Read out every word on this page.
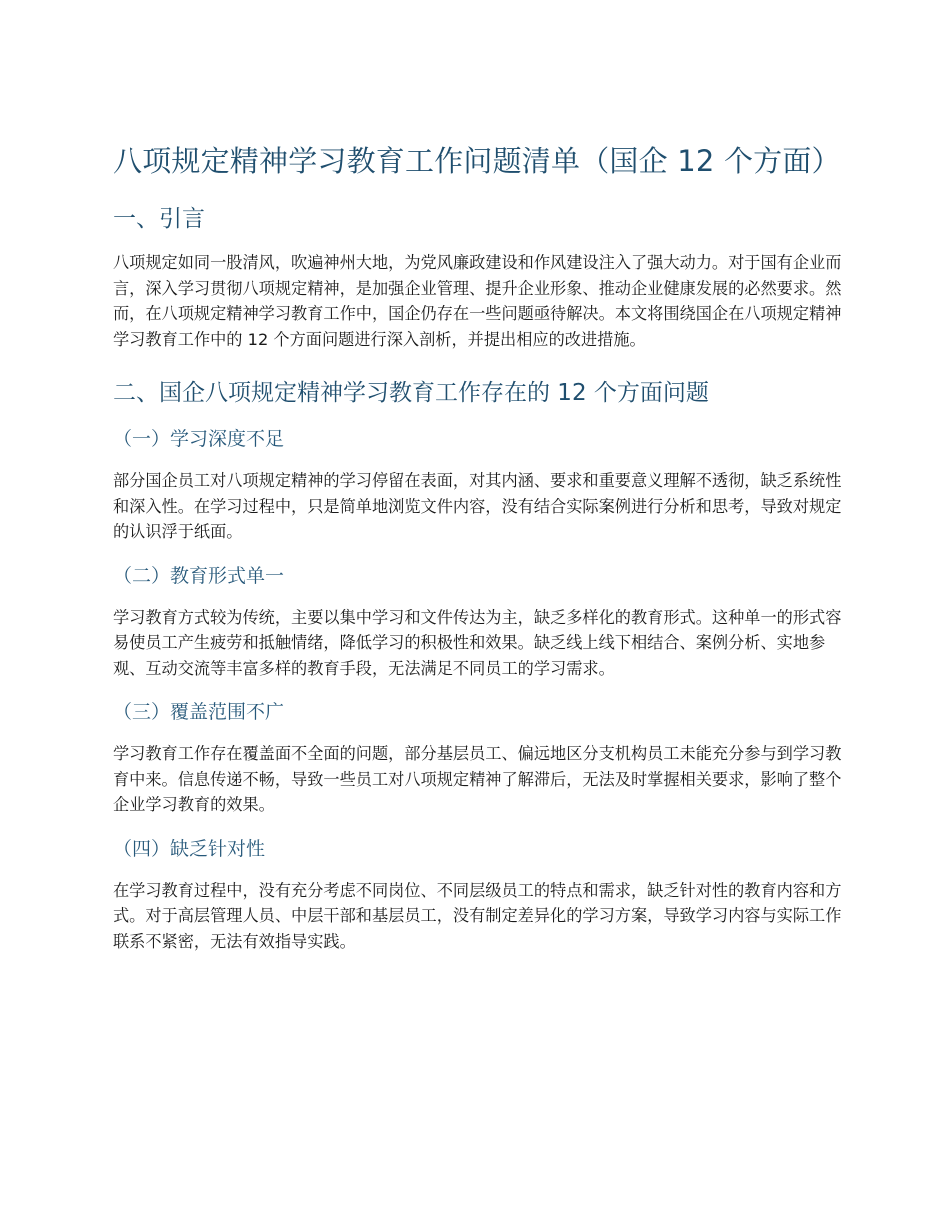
八项规定精神学习教育工作问题清单（国企 12 个方面）
一、引言

八项规定如同一股清风，吹遍神州大地，为党风廉政建设和作风建设注入了强大动力。对于国有企业而言，深入学习贯彻八项规定精神，是加强企业管理、提升企业形象、推动企业健康发展的必然要求。然而，在八项规定精神学习教育工作中，国企仍存在一些问题亟待解决。本文将围绕国企在八项规定精神学习教育工作中的 12 个方面问题进行深入剖析，并提出相应的改进措施。

二、国企八项规定精神学习教育工作存在的 12 个方面问题
（一）学习深度不足

部分国企员工对八项规定精神的学习停留在表面，对其内涵、要求和重要意义理解不透彻，缺乏系统性和深入性。在学习过程中，只是简单地浏览文件内容，没有结合实际案例进行分析和思考，导致对规定的认识浮于纸面。

（二）教育形式单一

学习教育方式较为传统，主要以集中学习和文件传达为主，缺乏多样化的教育形式。这种单一的形式容易使员工产生疲劳和抵触情绪，降低学习的积极性和效果。缺乏线上线下相结合、案例分析、实地参观、互动交流等丰富多样的教育手段，无法满足不同员工的学习需求。

（三）覆盖范围不广

学习教育工作存在覆盖面不全面的问题，部分基层员工、偏远地区分支机构员工未能充分参与到学习教育中来。信息传递不畅，导致一些员工对八项规定精神了解滞后，无法及时掌握相关要求，影响了整个企业学习教育的效果。

（四）缺乏针对性

在学习教育过程中，没有充分考虑不同岗位、不同层级员工的特点和需求，缺乏针对性的教育内容和方式。对于高层管理人员、中层干部和基层员工，没有制定差异化的学习方案，导致学习内容与实际工作联系不紧密，无法有效指导实践。
